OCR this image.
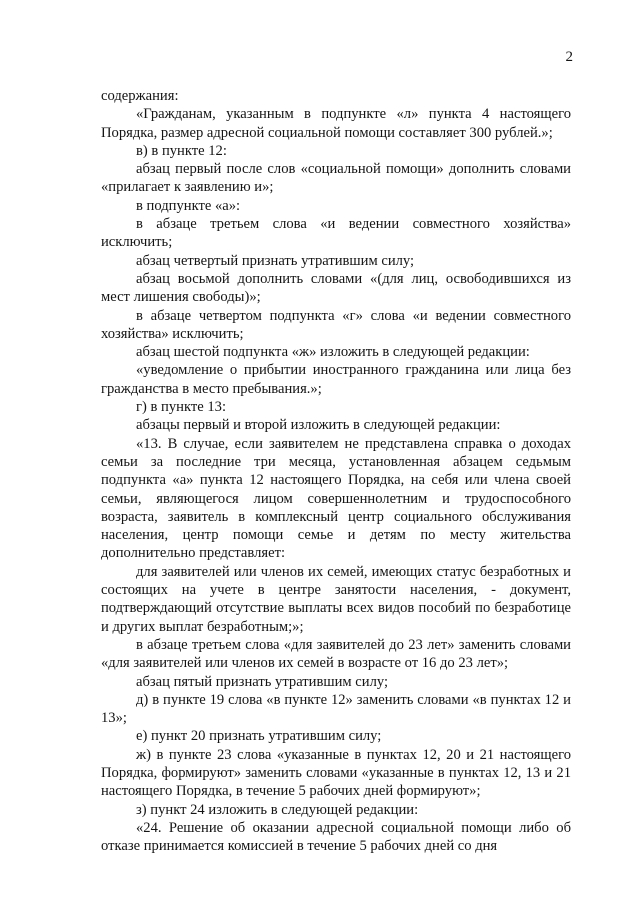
2

содержания:

«Гражданам, указанным в подпункте «л» пункта 4 настоящего Порядка, размер адресной социальной помощи составляет 300 рублей.»;

в) в пункте 12:

абзац первый после слов «социальной помощи» дополнить словами «прилагает к заявлению и»;

в подпункте «а»:

в абзаце третьем слова «и ведении совместного хозяйства» исключить;

абзац четвертый признать утратившим силу;

абзац восьмой дополнить словами «(для лиц, освободившихся из мест лишения свободы)»;

в абзаце четвертом подпункта «г» слова «и ведении совместного хозяйства» исключить;

абзац шестой подпункта «ж» изложить в следующей редакции:

«уведомление о прибытии иностранного гражданина или лица без гражданства в место пребывания.»;

г) в пункте 13:

абзацы первый и второй изложить в следующей редакции:

«13. В случае, если заявителем не представлена справка о доходах семьи за последние три месяца, установленная абзацем седьмым подпункта «а» пункта 12 настоящего Порядка, на себя или члена своей семьи, являющегося лицом совершеннолетним и трудоспособного возраста, заявитель в комплексный центр социального обслуживания населения, центр помощи семье и детям по месту жительства дополнительно представляет:

для заявителей или членов их семей, имеющих статус безработных и состоящих на учете в центре занятости населения, - документ, подтверждающий отсутствие выплаты всех видов пособий по безработице и других выплат безработным;»;

в абзаце третьем слова «для заявителей до 23 лет» заменить словами «для заявителей или членов их семей в возрасте от 16 до 23 лет»;

абзац пятый признать утратившим силу;

д) в пункте 19 слова «в пункте 12» заменить словами «в пунктах 12 и 13»;

е) пункт 20 признать утратившим силу;

ж) в пункте 23 слова «указанные в пунктах 12, 20 и 21 настоящего Порядка, формируют» заменить словами «указанные в пунктах 12, 13 и 21 настоящего Порядка, в течение 5 рабочих дней формируют»;

з) пункт 24 изложить в следующей редакции:

«24. Решение об оказании адресной социальной помощи либо об отказе принимается комиссией в течение 5 рабочих дней со дня
